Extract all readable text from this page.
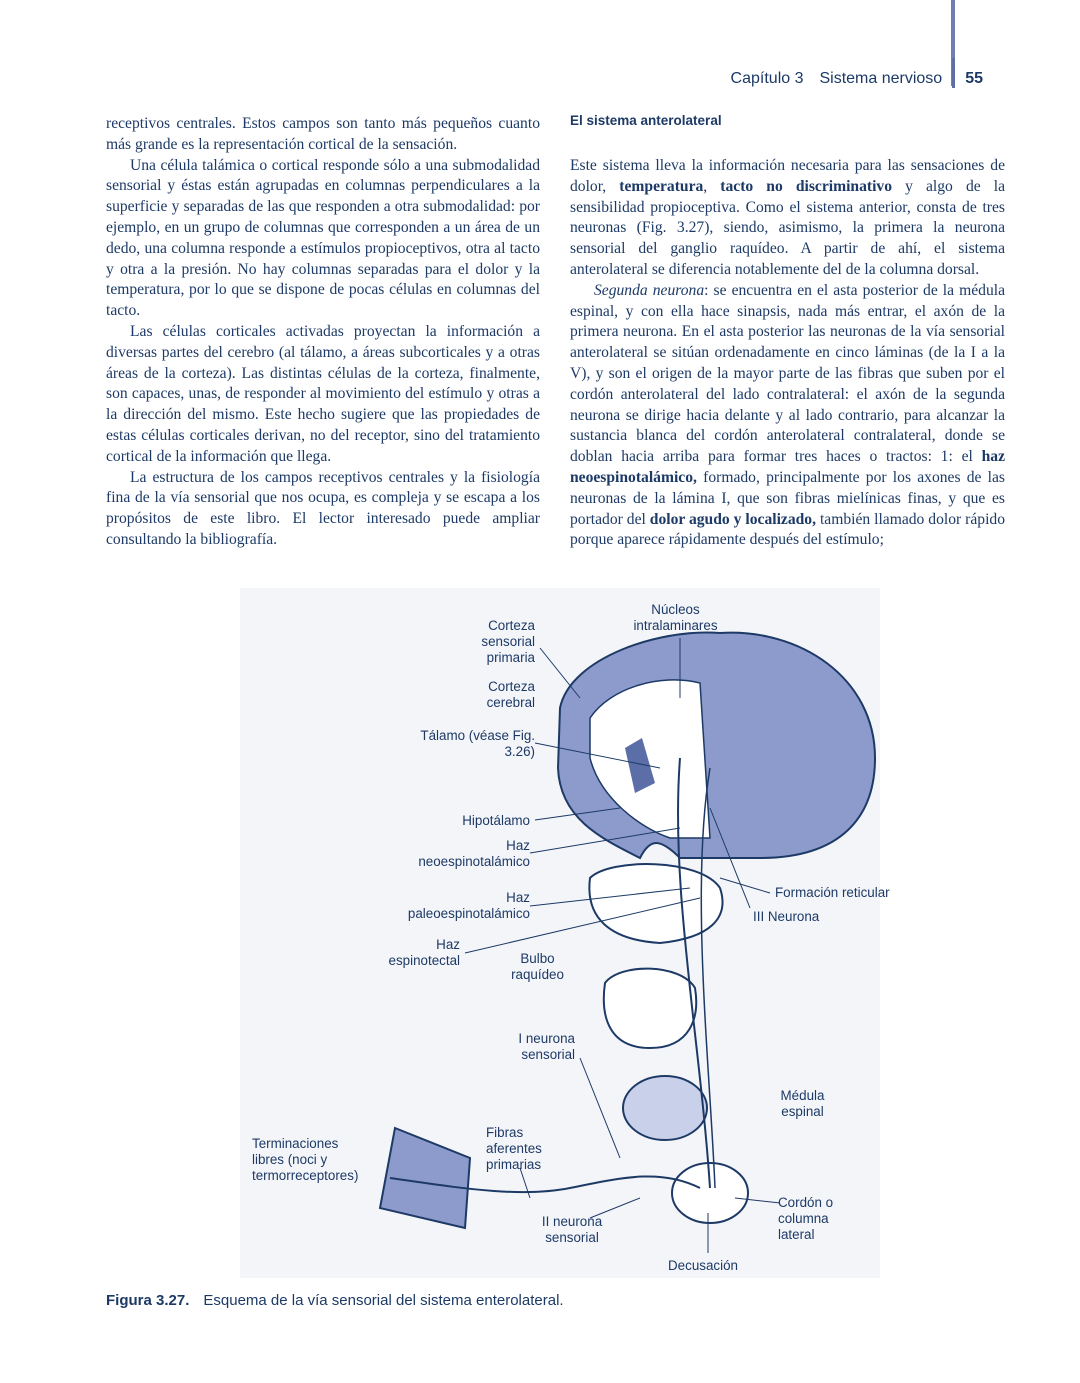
Capítulo 3 Sistema nervioso 55

receptivos centrales. Estos campos son tanto más pequeños cuanto más grande es la representación cortical de la sensación.

Una célula talámica o cortical responde sólo a una submodalidad sensorial y éstas están agrupadas en columnas perpendiculares a la superficie y separadas de las que responden a otra submodalidad: por ejemplo, en un grupo de columnas que corresponden a un área de un dedo, una columna responde a estímulos propioceptivos, otra al tacto y otra a la presión. No hay columnas separadas para el dolor y la temperatura, por lo que se dispone de pocas células en columnas del tacto.

Las células corticales activadas proyectan la información a diversas partes del cerebro (al tálamo, a áreas subcorticales y a otras áreas de la corteza). Las distintas células de la corteza, finalmente, son capaces, unas, de responder al movimiento del estímulo y otras a la dirección del mismo. Este hecho sugiere que las propiedades de estas células corticales derivan, no del receptor, sino del tratamiento cortical de la información que llega.

La estructura de los campos receptivos centrales y la fisiología fina de la vía sensorial que nos ocupa, es compleja y se escapa a los propósitos de este libro. El lector interesado puede ampliar consultando la bibliografía.

El sistema anterolateral

Este sistema lleva la información necesaria para las sensaciones de dolor, temperatura, tacto no discriminativo y algo de la sensibilidad propioceptiva. Como el sistema anterior, consta de tres neuronas (Fig. 3.27), siendo, asimismo, la primera la neurona sensorial del ganglio raquídeo. A partir de ahí, el sistema anterolateral se diferencia notablemente del de la columna dorsal.

Segunda neurona: se encuentra en el asta posterior de la médula espinal, y con ella hace sinapsis, nada más entrar, el axón de la primera neurona. En el asta posterior las neuronas de la vía sensorial anterolateral se sitúan ordenadamente en cinco láminas (de la I a la V), y son el origen de la mayor parte de las fibras que suben por el cordón anterolateral del lado contralateral: el axón de la segunda neurona se dirige hacia delante y al lado contrario, para alcanzar la sustancia blanca del cordón anterolateral contralateral, donde se doblan hacia arriba para formar tres haces o tractos: 1: el haz neoespinotalámico, formado, principalmente por los axones de las neuronas de la lámina I, que son fibras mielínicas finas, y que es portador del dolor agudo y localizado, también llamado dolor rápido porque aparece rápidamente después del estímulo;

Corteza sensorial primaria
Núcleos intralaminares
Corteza cerebral
Tálamo (véase Fig. 3.26)
Hipotálamo
Haz neoespinotalámico
Haz paleoespinotalámico
Haz espinotectal	Bulbo raquídeo
Formación reticular
III Neurona
I neurona sensorial
Médula espinal
Terminaciones libres (noci y termorreceptores)
Fibras aferentes primarias
Cordón o columna lateral
II neurona sensorial
Decusación
Figura 3.27. Esquema de la vía sensorial del sistema enterolateral.
